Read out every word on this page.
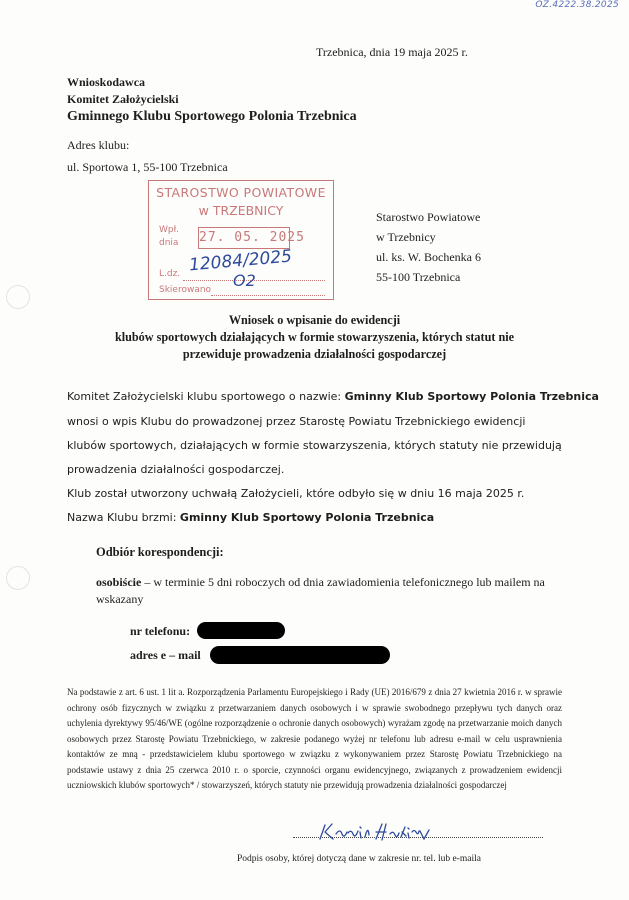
OZ.4222.38.2025
Trzebnica, dnia 19 maja 2025 r.
Wnioskodawca
Komitet Założycielski
Gminnego Klubu Sportowego Polonia Trzebnica
Adres klubu:
ul. Sportowa 1, 55-100 Trzebnica
STAROSTWO POWIATOWE
w TRZEBNICY
Wpł.
dnia 27. 05. 2025
L.dz.
Skierowano
12084/2025
O2
Starostwo Powiatowe
w Trzebnicy
ul. ks. W. Bochenka 6
55-100 Trzebnica
Wniosek o wpisanie do ewidencji
klubów sportowych działających w formie stowarzyszenia, których statut nie
przewiduje prowadzenia działalności gospodarczej
Komitet Założycielski klubu sportowego o nazwie: Gminny Klub Sportowy Polonia Trzebnica
wnosi o wpis Klubu do prowadzonej przez Starostę Powiatu Trzebnickiego ewidencji
klubów sportowych, działających w formie stowarzyszenia, których statuty nie przewidują
prowadzenia działalności gospodarczej.
Klub został utworzony uchwałą Założycieli, które odbyło się w dniu 16 maja 2025 r.
Nazwa Klubu brzmi: Gminny Klub Sportowy Polonia Trzebnica
Odbiór korespondencji:
osobiście – w terminie 5 dni roboczych od dnia zawiadomienia telefonicznego lub mailem na wskazany
nr telefonu:
adres e – mail
Na podstawie z art. 6 ust. 1 lit a. Rozporządzenia Parlamentu Europejskiego i Rady (UE) 2016/679 z dnia 27 kwietnia 2016 r. w sprawie ochrony osób fizycznych w związku z przetwarzaniem danych osobowych i w sprawie swobodnego przepływu tych danych oraz uchylenia dyrektywy 95/46/WE (ogólne rozporządzenie o ochronie danych osobowych) wyrażam zgodę na przetwarzanie moich danych osobowych przez Starostę Powiatu Trzebnickiego, w zakresie podanego wyżej nr telefonu lub adresu e-mail w celu usprawnienia kontaktów ze mną - przedstawicielem klubu sportowego w związku z wykonywaniem przez Starostę Powiatu Trzebnickiego na podstawie ustawy z dnia 25 czerwca 2010 r. o sporcie, czynności organu ewidencyjnego, związanych z prowadzeniem ewidencji uczniowskich klubów sportowych* / stowarzyszeń, których statuty nie przewidują prowadzenia działalności gospodarczej
Podpis osoby, której dotyczą dane w zakresie nr. tel. lub e-maila
